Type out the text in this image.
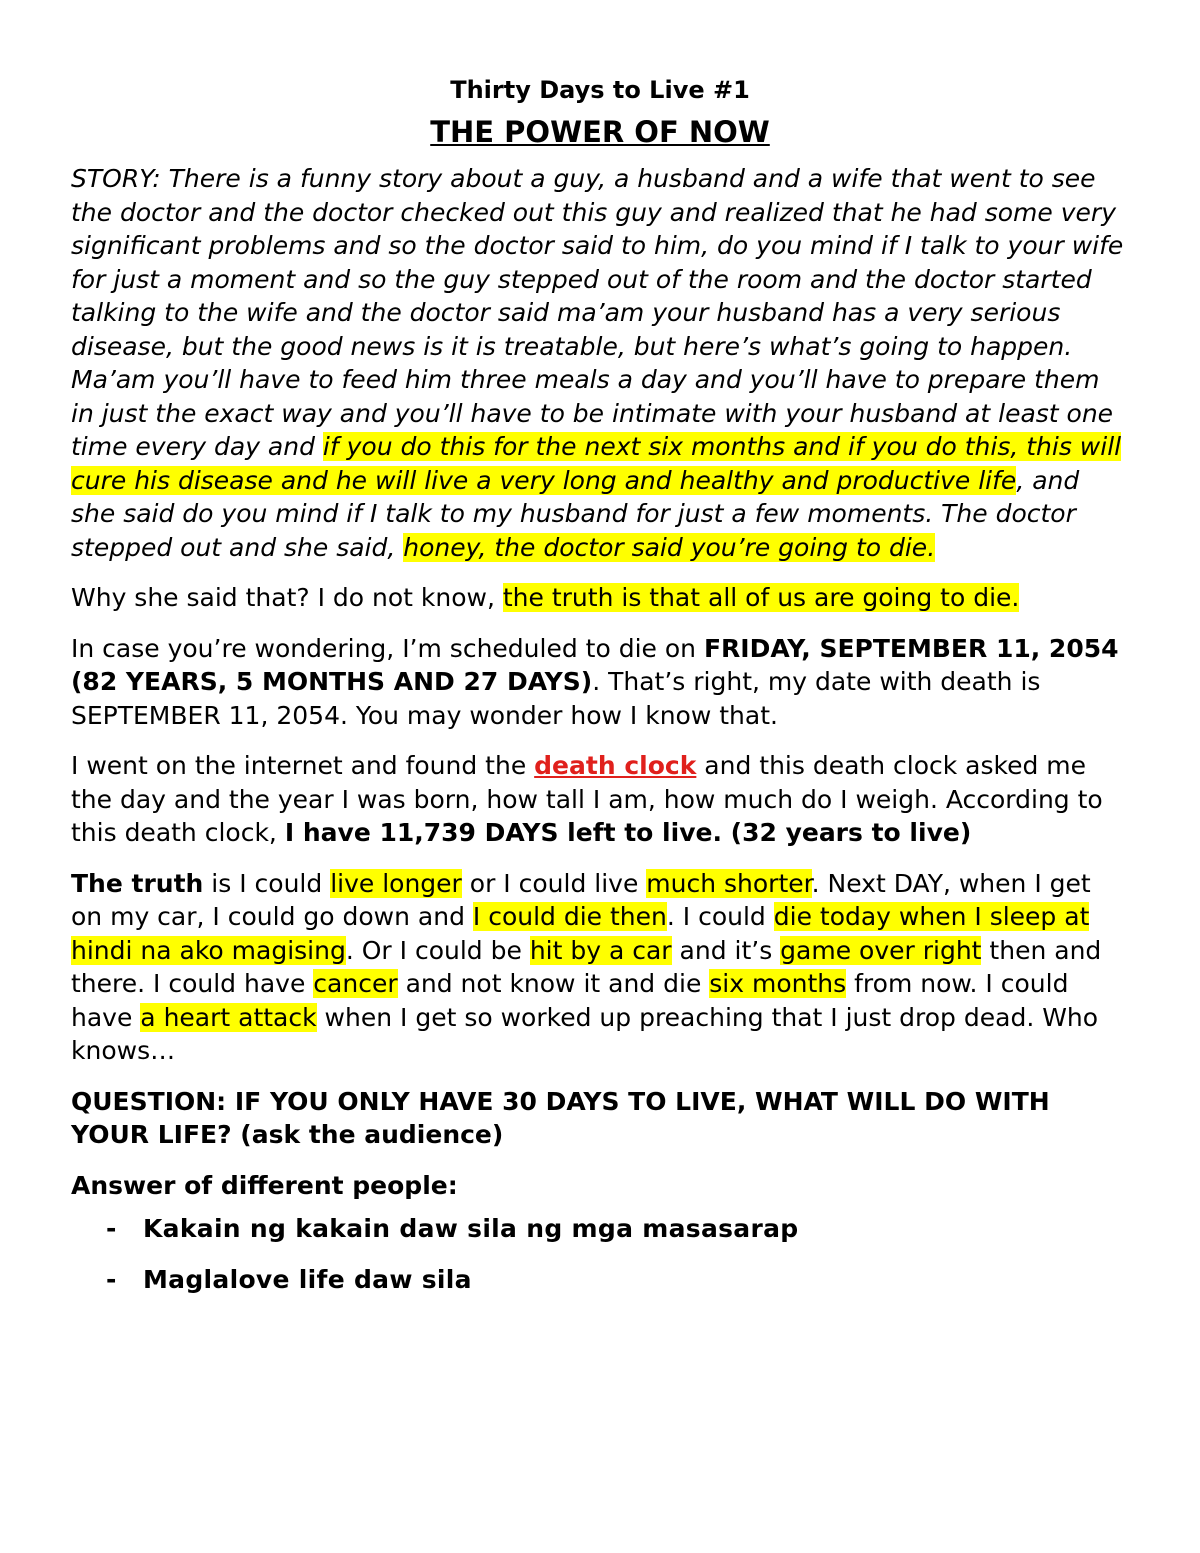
Thirty Days to Live #1
THE POWER OF NOW

STORY: There is a funny story about a guy, a husband and a wife that went to see the doctor and the doctor checked out this guy and realized that he had some very significant problems and so the doctor said to him, do you mind if I talk to your wife for just a moment and so the guy stepped out of the room and the doctor started talking to the wife and the doctor said ma’am your husband has a very serious disease, but the good news is it is treatable, but here’s what’s going to happen. Ma’am you’ll have to feed him three meals a day and you’ll have to prepare them in just the exact way and you’ll have to be intimate with your husband at least one time every day and if you do this for the next six months and if you do this, this will cure his disease and he will live a very long and healthy and productive life, and she said do you mind if I talk to my husband for just a few moments. The doctor stepped out and she said, honey, the doctor said you’re going to die.

Why she said that? I do not know, the truth is that all of us are going to die.

In case you’re wondering, I’m scheduled to die on FRIDAY, SEPTEMBER 11, 2054 (82 YEARS, 5 MONTHS AND 27 DAYS). That’s right, my date with death is SEPTEMBER 11, 2054. You may wonder how I know that.

I went on the internet and found the death clock and this death clock asked me the day and the year I was born, how tall I am, how much do I weigh. According to this death clock, I have 11,739 DAYS left to live. (32 years to live)

The truth is I could live longer or I could live much shorter. Next DAY, when I get on my car, I could go down and I could die then. I could die today when I sleep at hindi na ako magising. Or I could be hit by a car and it’s game over right then and there. I could have cancer and not know it and die six months from now. I could have a heart attack when I get so worked up preaching that I just drop dead. Who knows…

QUESTION: IF YOU ONLY HAVE 30 DAYS TO LIVE, WHAT WILL DO WITH YOUR LIFE? (ask the audience)

Answer of different people:

- Kakain ng kakain daw sila ng mga masasarap
- Maglalove life daw sila
